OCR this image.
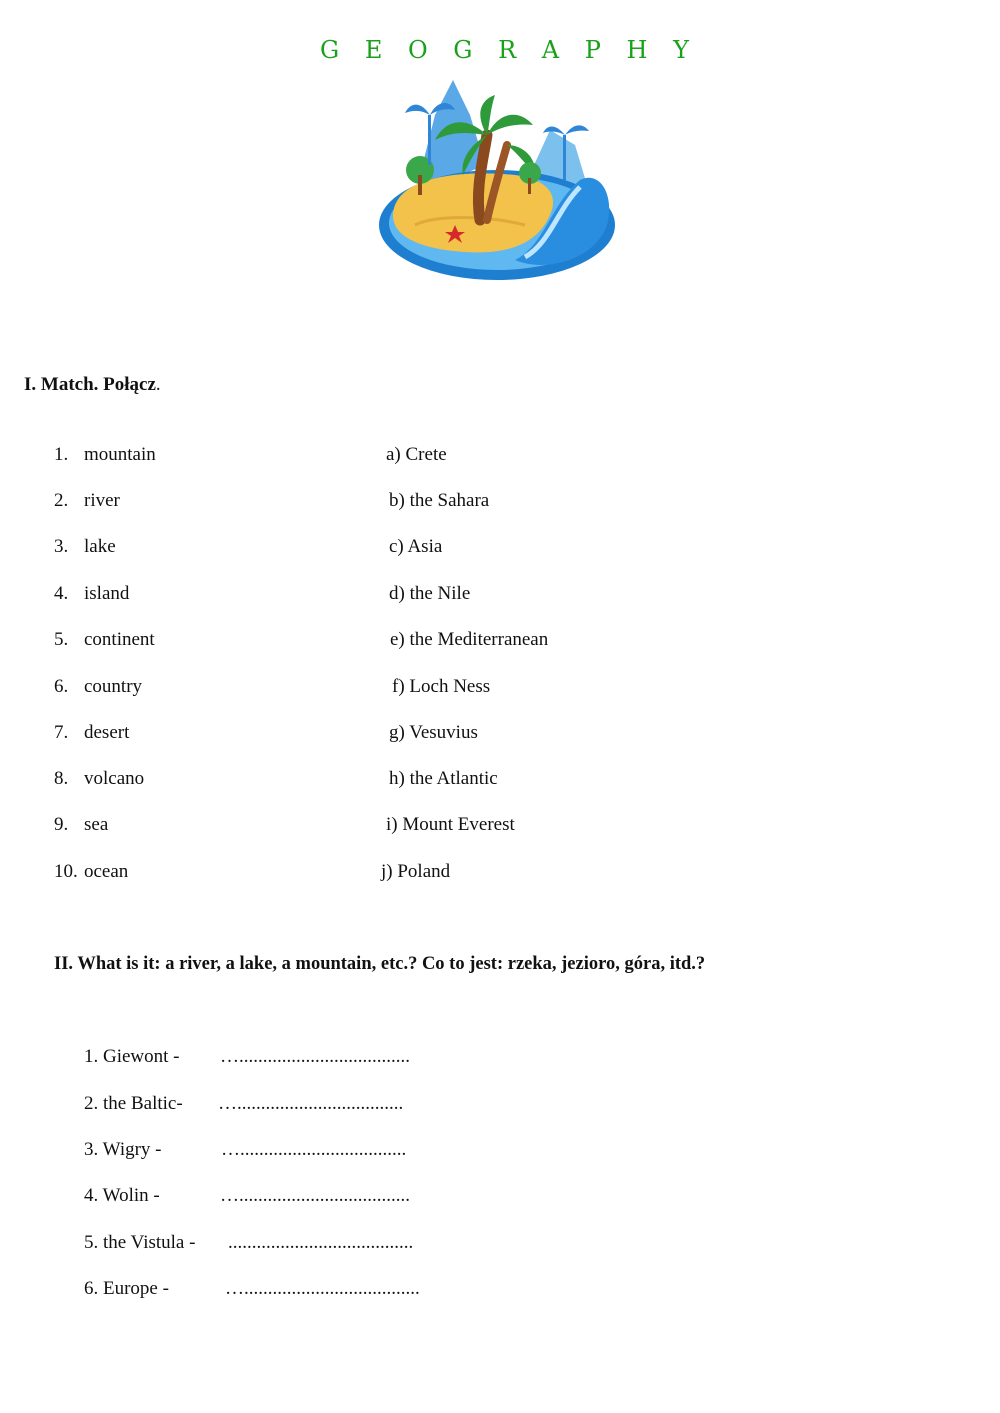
G E O G R A P H Y
I. Match. Połącz.
1. mountain	a) Crete
2. river	b) the Sahara
3. lake	c) Asia
4. island	d) the Nile
5. continent	e) the Mediterranean
6. country	f) Loch Ness
7. desert	g) Vesuvius
8. volcano	h) the Atlantic
9. sea	i) Mount Everest
10. ocean	j) Poland
II. What is it: a river, a lake, a mountain, etc.? Co to jest: rzeka, jezioro, góra, itd.?
1. Giewont - …....................................
2. the Baltic- …...................................
3. Wigry -	…...................................
4. Wolin -	…....................................
5. the Vistula - .......................................
6. Europe -	….....................................
